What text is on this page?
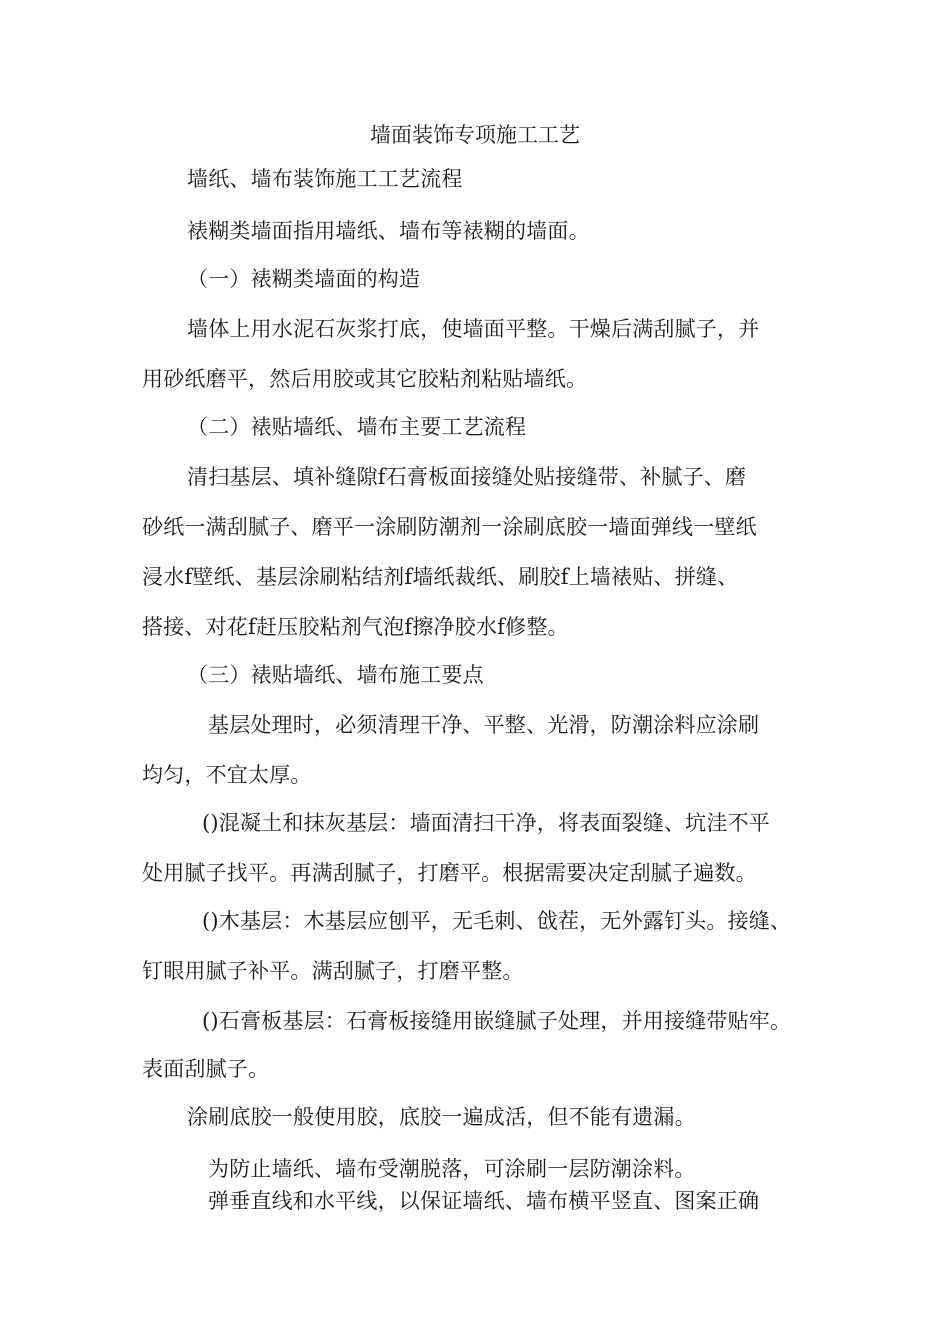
墙面装饰专项施工工艺
墙纸、墙布装饰施工工艺流程
裱糊类墙面指用墙纸、墙布等裱糊的墙面。
（一）裱糊类墙面的构造
墙体上用水泥石灰浆打底，使墙面平整。干燥后满刮腻子，并
用砂纸磨平，然后用胶或其它胶粘剂粘贴墙纸。
（二）裱贴墙纸、墙布主要工艺流程
清扫基层、填补缝隙f石膏板面接缝处贴接缝带、补腻子、磨
砂纸一满刮腻子、磨平一涂刷防潮剂一涂刷底胶一墙面弹线一壁纸
浸水f壁纸、基层涂刷粘结剂f墙纸裁纸、刷胶f上墙裱贴、拼缝、
搭接、对花f赶压胶粘剂气泡f擦净胶水f修整。
（三）裱贴墙纸、墙布施工要点
基层处理时，必须清理干净、平整、光滑，防潮涂料应涂刷
均匀，不宜太厚。
()混凝土和抹灰基层：墙面清扫干净，将表面裂缝、坑洼不平
处用腻子找平。再满刮腻子，打磨平。根据需要决定刮腻子遍数。
()木基层：木基层应刨平，无毛刺、戗茬，无外露钉头。接缝、
钉眼用腻子补平。满刮腻子，打磨平整。
()石膏板基层：石膏板接缝用嵌缝腻子处理，并用接缝带贴牢。
表面刮腻子。
涂刷底胶一般使用胶，底胶一遍成活，但不能有遗漏。
为防止墙纸、墙布受潮脱落，可涂刷一层防潮涂料。
弹垂直线和水平线，以保证墙纸、墙布横平竖直、图案正确
